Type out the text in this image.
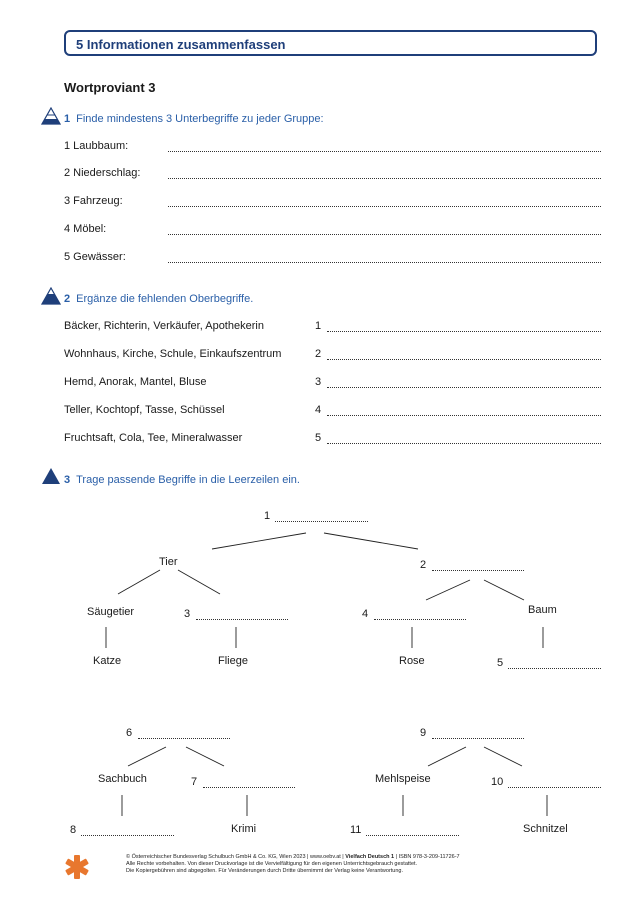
5 Informationen zusammenfassen
Wortproviant 3
1 Finde mindestens 3 Unterbegriffe zu jeder Gruppe:
1 Laubbaum:
2 Niederschlag:
3 Fahrzeug:
4 Möbel:
5 Gewässer:
2 Ergänze die fehlenden Oberbegriffe.
Bäcker, Richterin, Verkäufer, Apothekerin	1
Wohnhaus, Kirche, Schule, Einkaufszentrum	2
Hemd, Anorak, Mantel, Bluse	3
Teller, Kochtopf, Tasse, Schüssel	4
Fruchtsaft, Cola, Tee, Mineralwasser	5
3 Trage passende Begriffe in die Leerzeilen ein.
1
Tier	2
Säugetier	3	4	Baum
Katze	Fliege	Rose	5
6
Sachbuch	7
8	Krimi
9
Mehlspeise	10
11	Schnitzel
© Österreichischer Bundesverlag Schulbuch GmbH & Co. KG, Wien 2023 | www.oebv.at | Vielfach Deutsch 1 | ISBN 978-3-209-11726-7
Alle Rechte vorbehalten. Von dieser Druckvorlage ist die Vervielfältigung für den eigenen Unterrichtsgebrauch gestattet.
Die Kopiergebühren sind abgegolten. Für Veränderungen durch Dritte übernimmt der Verlag keine Verantwortung.
